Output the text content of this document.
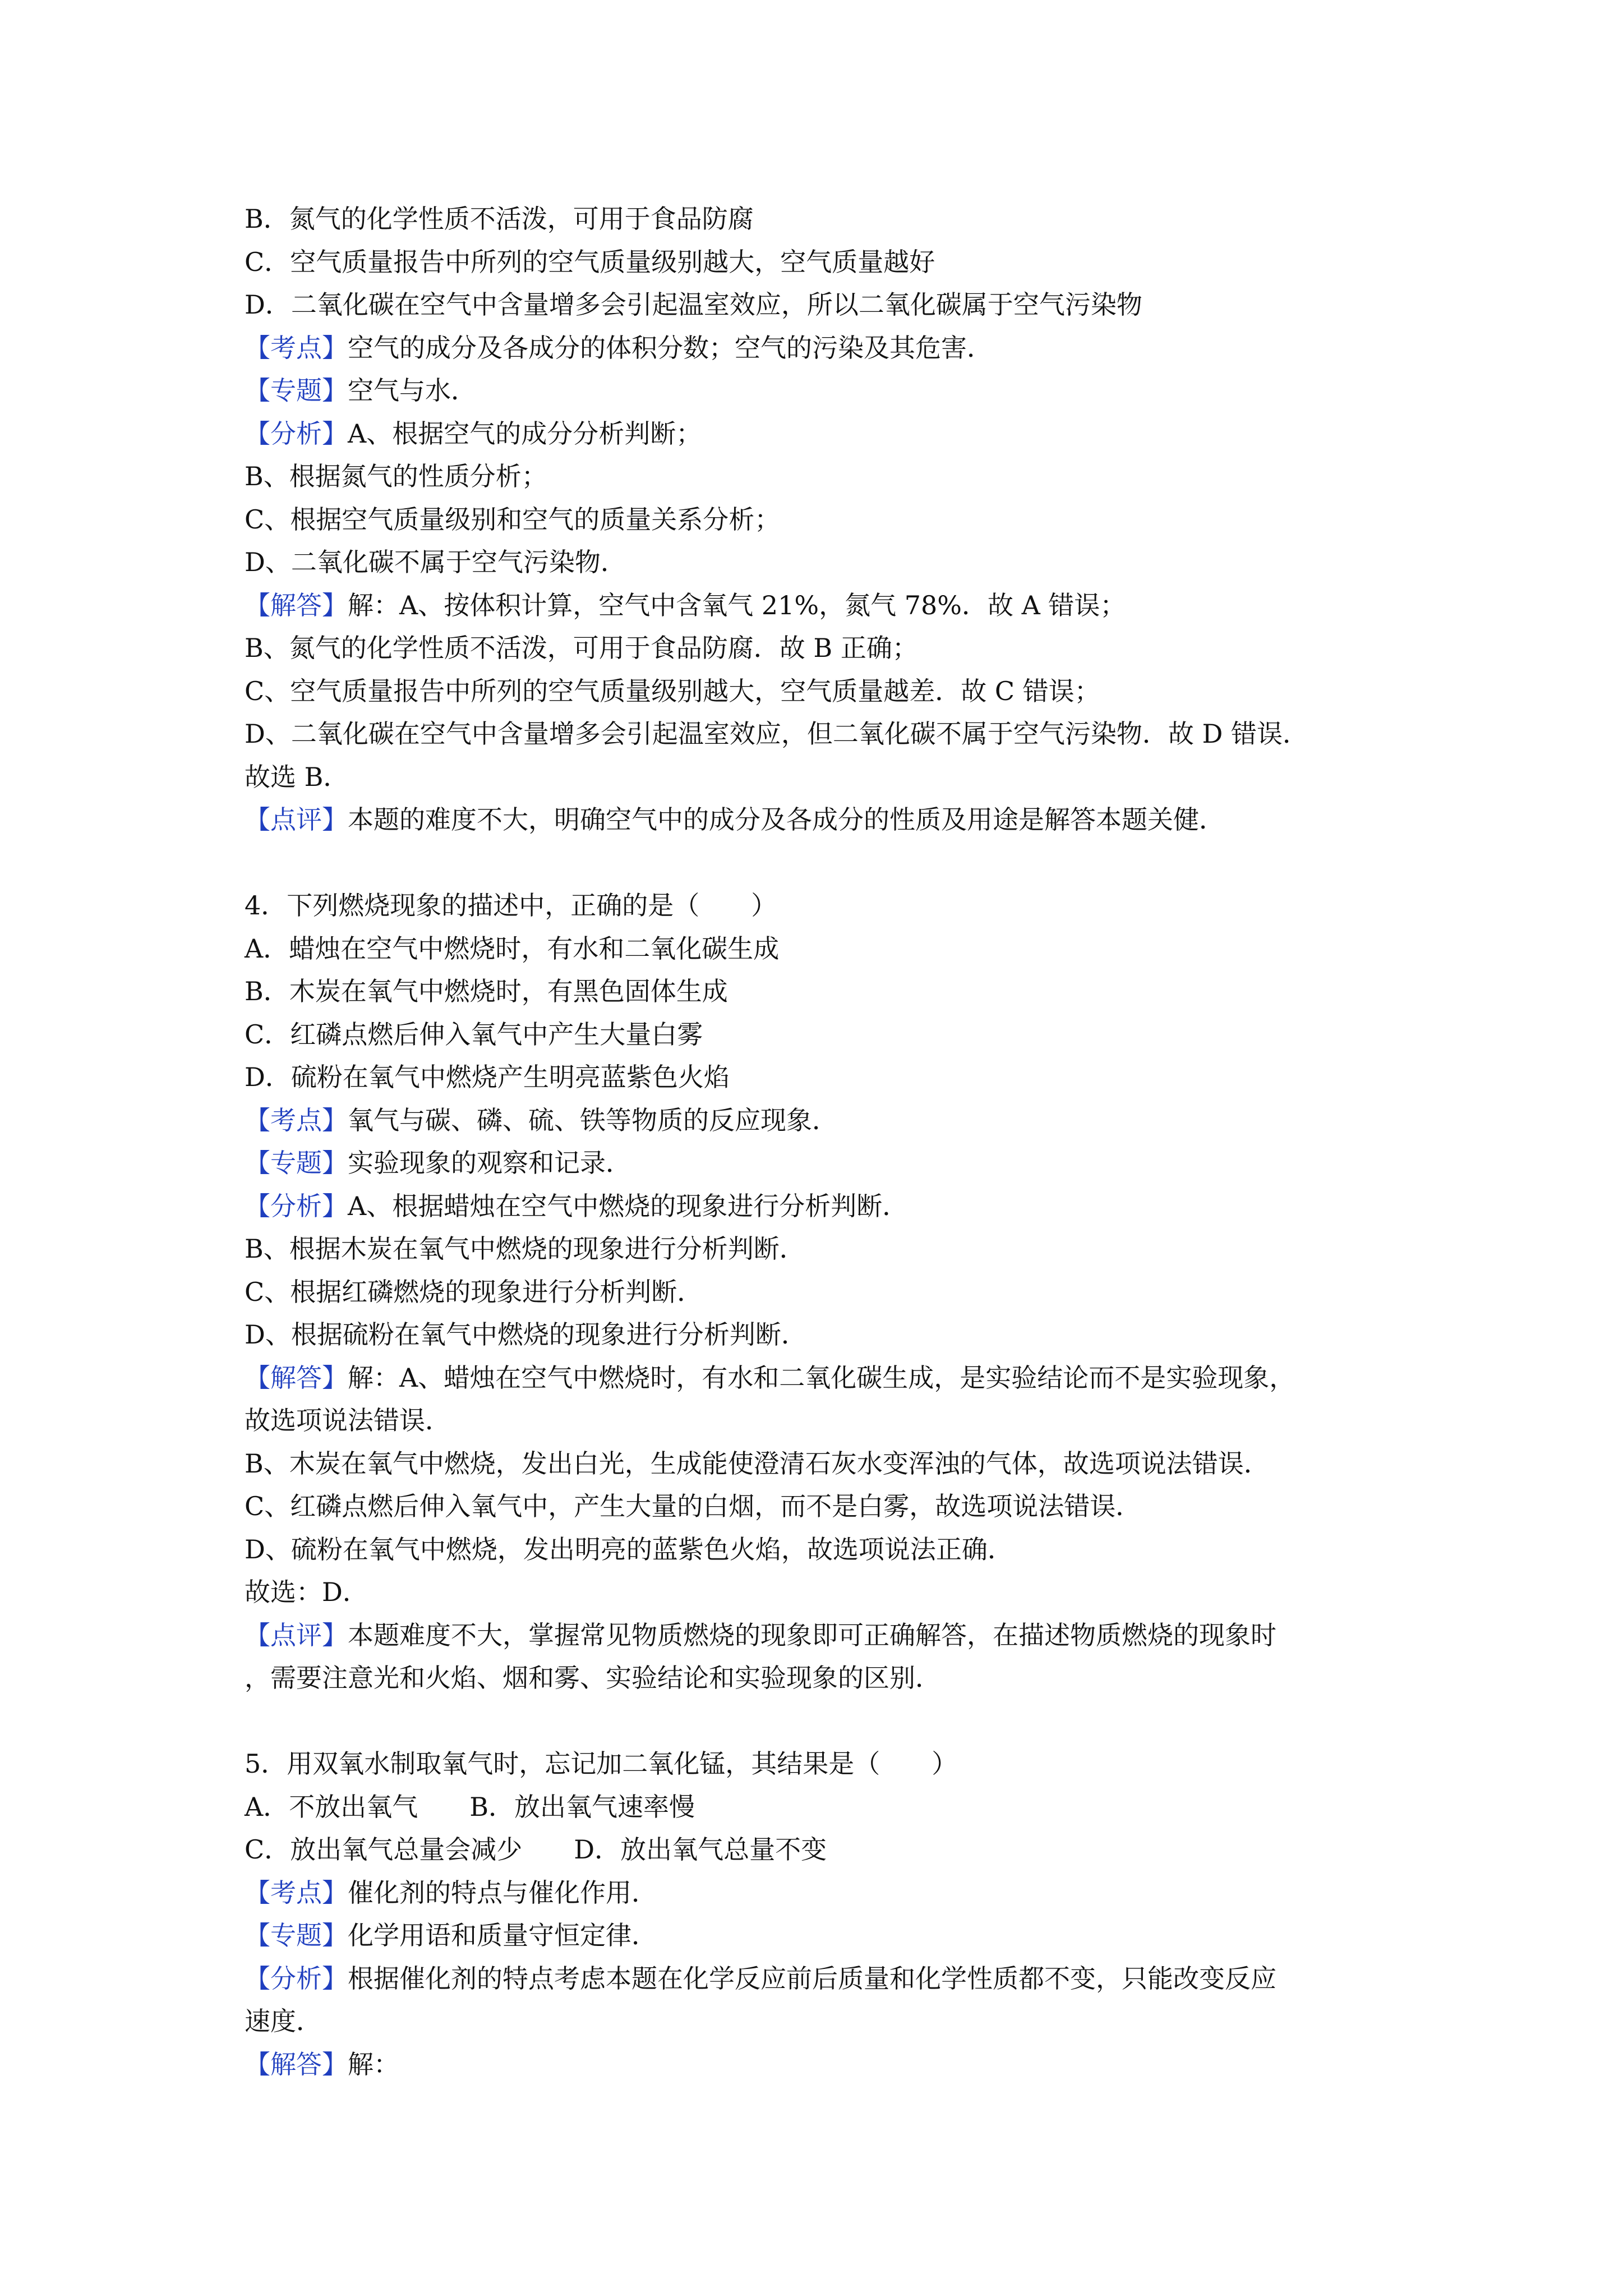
B．氮气的化学性质不活泼，可用于食品防腐
C．空气质量报告中所列的空气质量级别越大，空气质量越好
D．二氧化碳在空气中含量增多会引起温室效应，所以二氧化碳属于空气污染物
【考点】空气的成分及各成分的体积分数；空气的污染及其危害．
【专题】空气与水．
【分析】A、根据空气的成分分析判断；
B、根据氮气的性质分析；
C、根据空气质量级别和空气的质量关系分析；
D、二氧化碳不属于空气污染物．
【解答】解：A、按体积计算，空气中含氧气 21%，氮气 78%．故 A 错误；
B、氮气的化学性质不活泼，可用于食品防腐．故 B 正确；
C、空气质量报告中所列的空气质量级别越大，空气质量越差．故 C 错误；
D、二氧化碳在空气中含量增多会引起温室效应，但二氧化碳不属于空气污染物．故 D 错误．
故选 B．
【点评】本题的难度不大，明确空气中的成分及各成分的性质及用途是解答本题关健．
4．下列燃烧现象的描述中，正确的是（　　）
A．蜡烛在空气中燃烧时，有水和二氧化碳生成
B．木炭在氧气中燃烧时，有黑色固体生成
C．红磷点燃后伸入氧气中产生大量白雾
D．硫粉在氧气中燃烧产生明亮蓝紫色火焰
【考点】氧气与碳、磷、硫、铁等物质的反应现象．
【专题】实验现象的观察和记录．
【分析】A、根据蜡烛在空气中燃烧的现象进行分析判断．
B、根据木炭在氧气中燃烧的现象进行分析判断．
C、根据红磷燃烧的现象进行分析判断．
D、根据硫粉在氧气中燃烧的现象进行分析判断．
【解答】解：A、蜡烛在空气中燃烧时，有水和二氧化碳生成，是实验结论而不是实验现象，
故选项说法错误．
B、木炭在氧气中燃烧，发出白光，生成能使澄清石灰水变浑浊的气体，故选项说法错误．
C、红磷点燃后伸入氧气中，产生大量的白烟，而不是白雾，故选项说法错误．
D、硫粉在氧气中燃烧，发出明亮的蓝紫色火焰，故选项说法正确．
故选：D．
【点评】本题难度不大，掌握常见物质燃烧的现象即可正确解答，在描述物质燃烧的现象时
，需要注意光和火焰、烟和雾、实验结论和实验现象的区别．
5．用双氧水制取氧气时，忘记加二氧化锰，其结果是（　　）
A．不放出氧气　　B．放出氧气速率慢
C．放出氧气总量会减少　　D．放出氧气总量不变
【考点】催化剂的特点与催化作用．
【专题】化学用语和质量守恒定律．
【分析】根据催化剂的特点考虑本题在化学反应前后质量和化学性质都不变，只能改变反应
速度．
【解答】解：
